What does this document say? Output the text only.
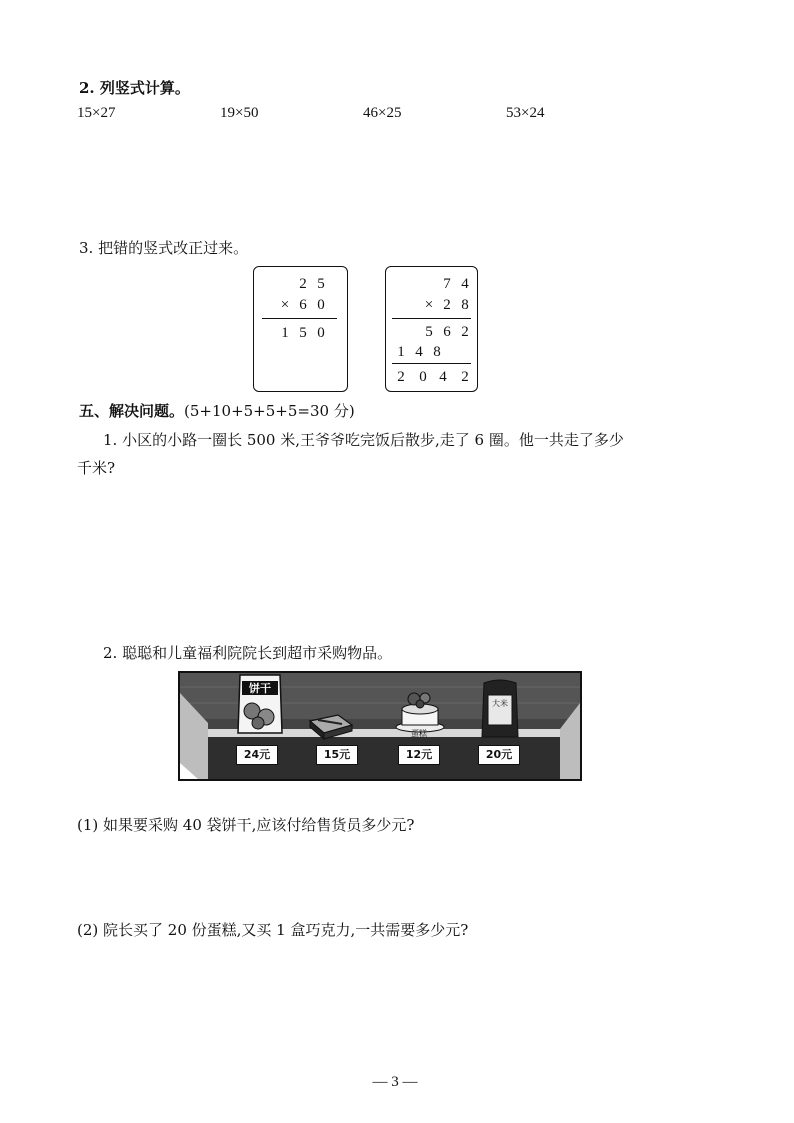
2. 列竖式计算。
15×27	19×50	46×25	53×24
3. 把错的竖式改正过来。
2 5
× 6 0
1 5 0
7 4
× 2 8
5 6 2
1 4 8
2 0 4 2
五、解决问题。(5+10+5+5+5=30 分)
1. 小区的小路一圈长 500 米,王爷爷吃完饭后散步,走了 6 圈。他一共走了多少
千米?
2. 聪聪和儿童福利院院长到超市采购物品。
饼干
蛋糕
大米
24元	15元	12元	20元
(1) 如果要采购 40 袋饼干,应该付给售货员多少元?
(2) 院长买了 20 份蛋糕,又买 1 盒巧克力,一共需要多少元?
— 3 —
